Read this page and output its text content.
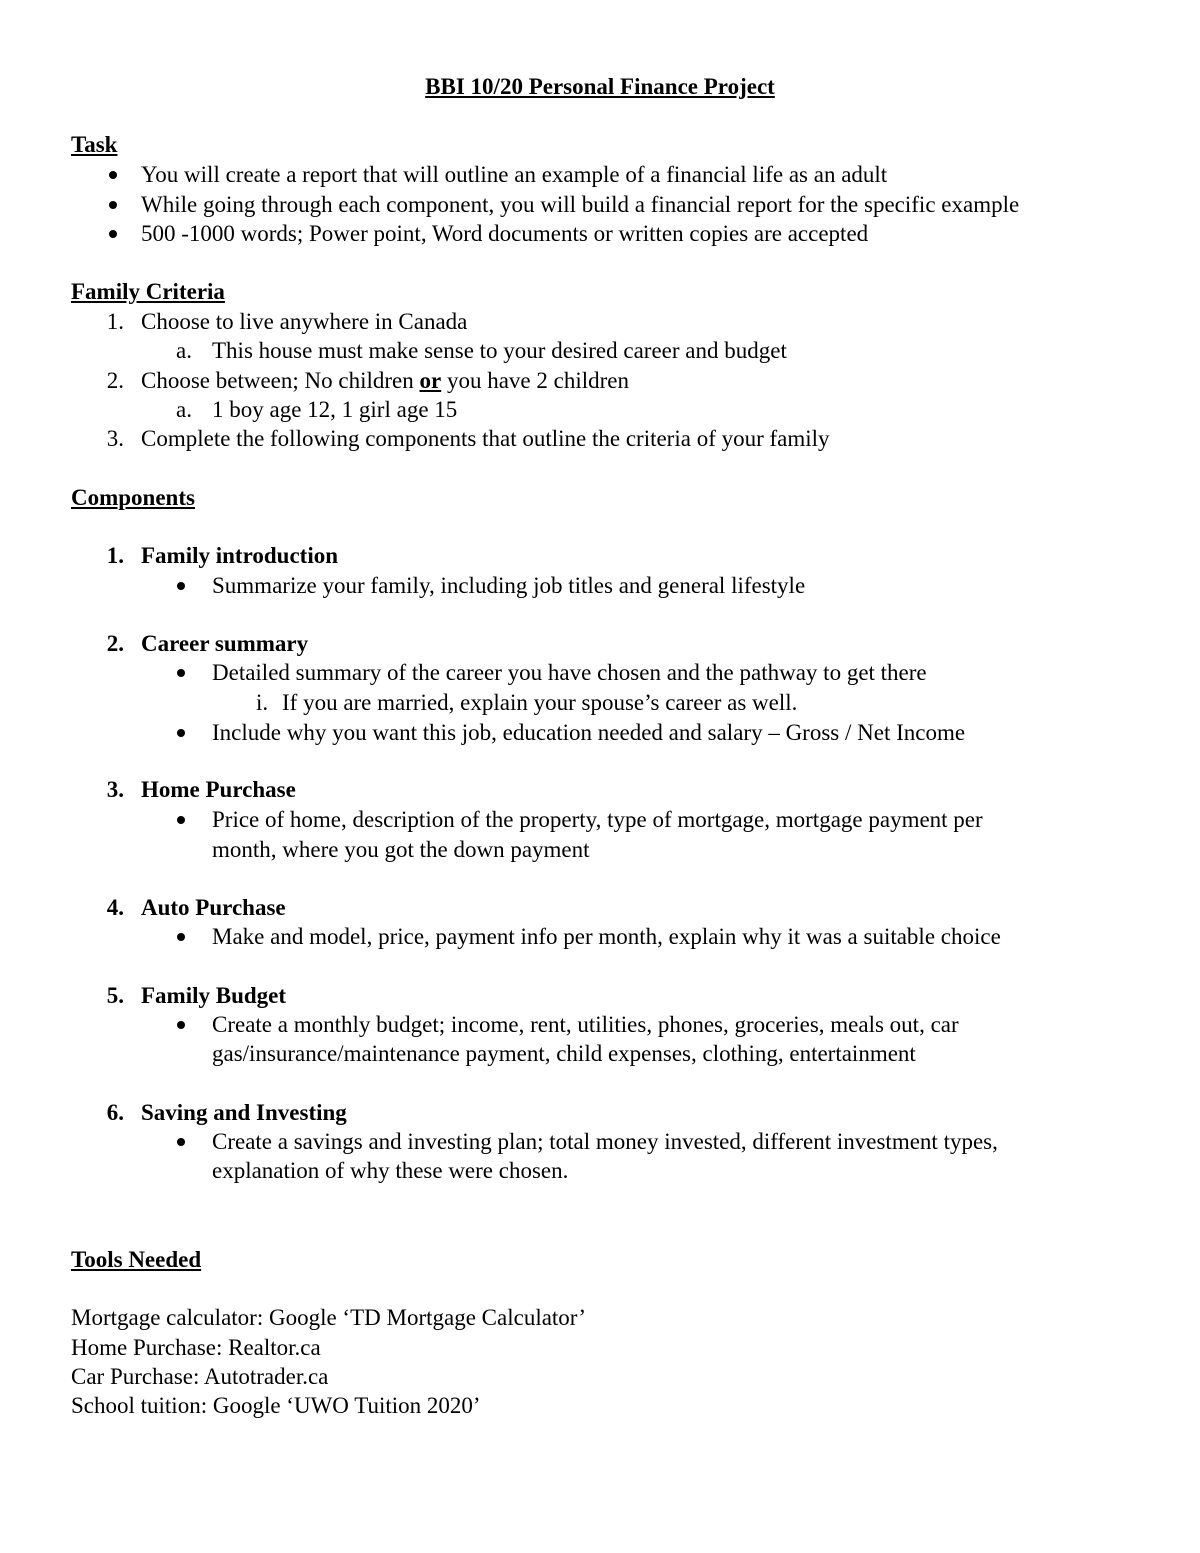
BBI 10/20 Personal Finance Project
Task
You will create a report that will outline an example of a financial life as an adult
While going through each component, you will build a financial report for the specific example
500 -1000 words; Power point, Word documents or written copies are accepted
Family Criteria
1. Choose to live anywhere in Canada
a. This house must make sense to your desired career and budget
2. Choose between; No children or you have 2 children
a. 1 boy age 12, 1 girl age 15
3. Complete the following components that outline the criteria of your family
Components
1. Family introduction
Summarize your family, including job titles and general lifestyle
2. Career summary
Detailed summary of the career you have chosen and the pathway to get there
i. If you are married, explain your spouse’s career as well.
Include why you want this job, education needed and salary – Gross / Net Income
3. Home Purchase
Price of home, description of the property, type of mortgage, mortgage payment per
month, where you got the down payment
4. Auto Purchase
Make and model, price, payment info per month, explain why it was a suitable choice
5. Family Budget
Create a monthly budget; income, rent, utilities, phones, groceries, meals out, car
gas/insurance/maintenance payment, child expenses, clothing, entertainment
6. Saving and Investing
Create a savings and investing plan; total money invested, different investment types,
explanation of why these were chosen.
Tools Needed
Mortgage calculator: Google ‘TD Mortgage Calculator’
Home Purchase: Realtor.ca
Car Purchase: Autotrader.ca
School tuition: Google ‘UWO Tuition 2020’
